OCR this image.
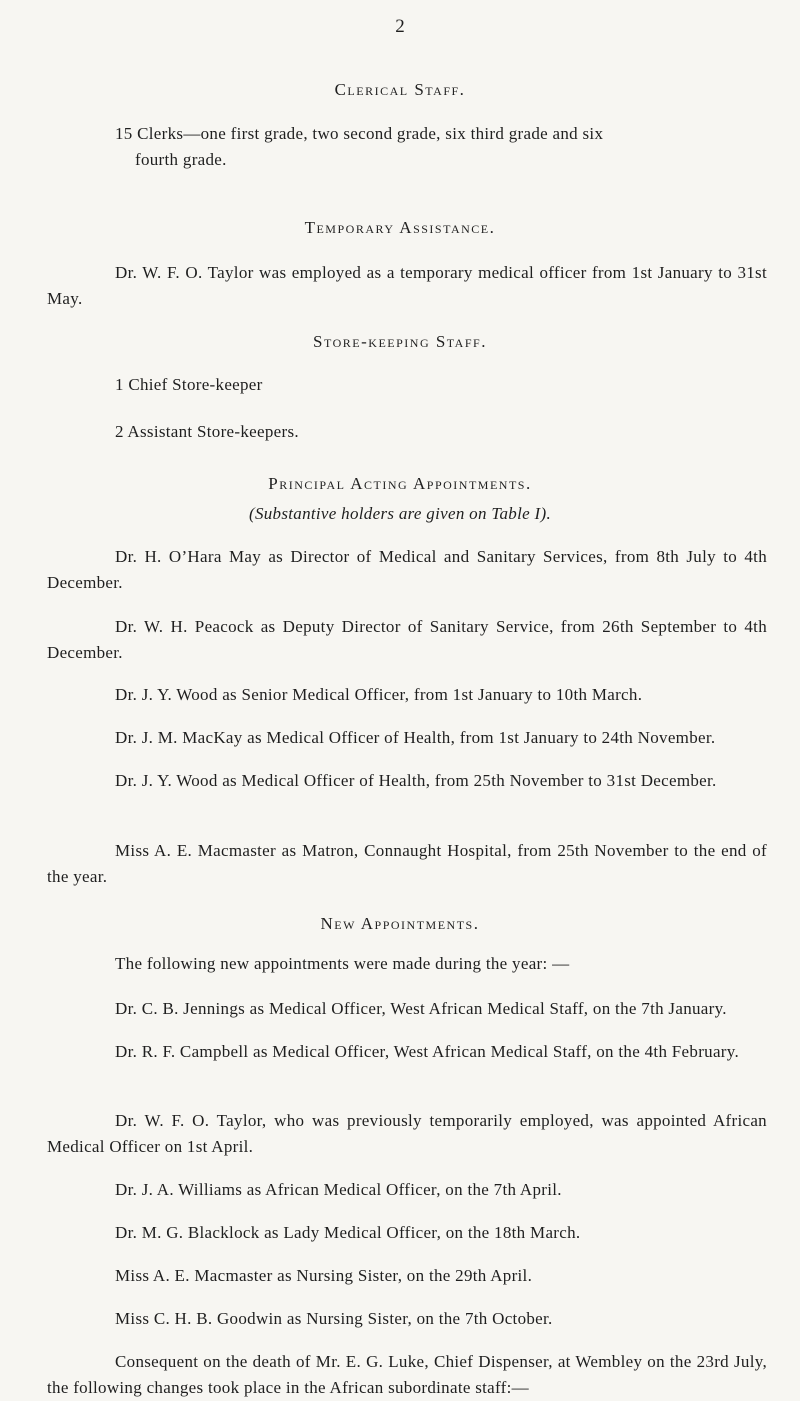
2
Clerical Staff.
15 Clerks—one first grade, two second grade, six third grade and six
fourth grade.
Temporary Assistance.
Dr. W. F. O. Taylor was employed as a temporary medical officer from 1st January to 31st May.
Store-keeping Staff.
1 Chief Store-keeper
2 Assistant Store-keepers.
Principal Acting Appointments.
(Substantive holders are given on Table I).
Dr. H. O’Hara May as Director of Medical and Sanitary Services, from 8th July to 4th December.
Dr. W. H. Peacock as Deputy Director of Sanitary Service, from 26th September to 4th December.
Dr. J. Y. Wood as Senior Medical Officer, from 1st January to 10th March.
Dr. J. M. MacKay as Medical Officer of Health, from 1st January to 24th November.
Dr. J. Y. Wood as Medical Officer of Health, from 25th November to 31st December.
Miss A. E. Macmaster as Matron, Connaught Hospital, from 25th November to the end of the year.
New Appointments.
The following new appointments were made during the year: —
Dr. C. B. Jennings as Medical Officer, West African Medical Staff, on the 7th January.
Dr. R. F. Campbell as Medical Officer, West African Medical Staff, on the 4th February.
Dr. W. F. O. Taylor, who was previously temporarily employed, was appointed African Medical Officer on 1st April.
Dr. J. A. Williams as African Medical Officer, on the 7th April.
Dr. M. G. Blacklock as Lady Medical Officer, on the 18th March.
Miss A. E. Macmaster as Nursing Sister, on the 29th April.
Miss C. H. B. Goodwin as Nursing Sister, on the 7th October.
Consequent on the death of Mr. E. G. Luke, Chief Dispenser, at Wembley on the 23rd July, the following changes took place in the African subordinate staff:—
